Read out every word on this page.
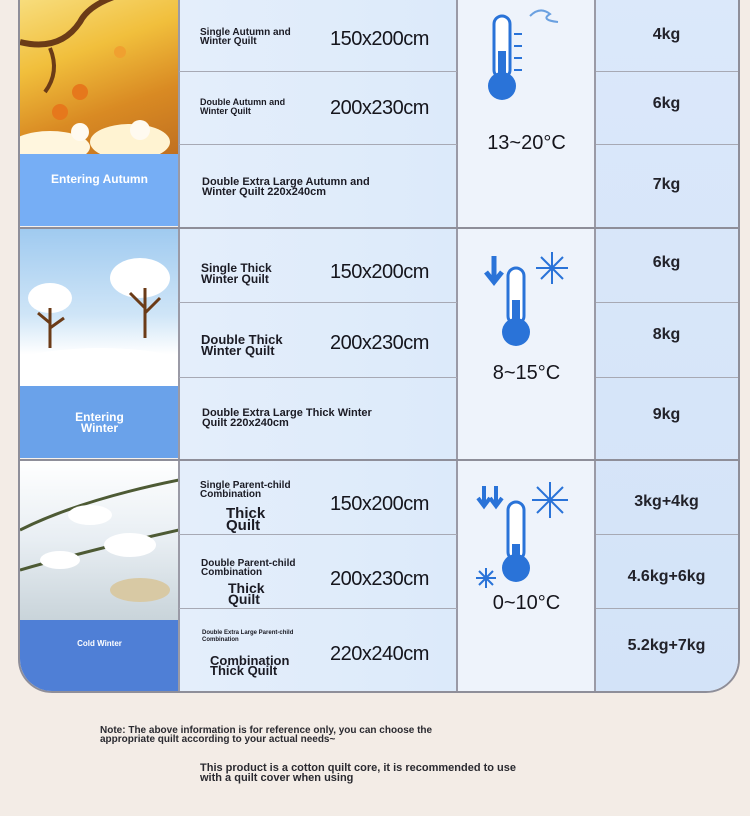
Entering Autumn
Entering Winter
Cold Winter
Single Autumn and Winter Quilt	150x200cm	4kg
Double Autumn and Winter Quilt	200x230cm	6kg
Double Extra Large Autumn and Winter Quilt 220x240cm	7kg
Single Thick Winter Quilt	150x200cm	6kg
Double Thick Winter Quilt	200x230cm	8kg
Double Extra Large Thick Winter Quilt 220x240cm	9kg
Single Parent-child Combination
Thick Quilt
150x200cm	3kg+4kg
Double Parent-child Combination
Thick Quilt
200x230cm	4.6kg+6kg
Double Extra Large Parent-child Combination
Combination Thick Quilt
220x240cm	5.2kg+7kg
13~20°C
8~15°C
0~10°C
Note: The above information is for reference only, you can choose the appropriate quilt according to your actual needs~
This product is a cotton quilt core, it is recommended to use with a quilt cover when using
